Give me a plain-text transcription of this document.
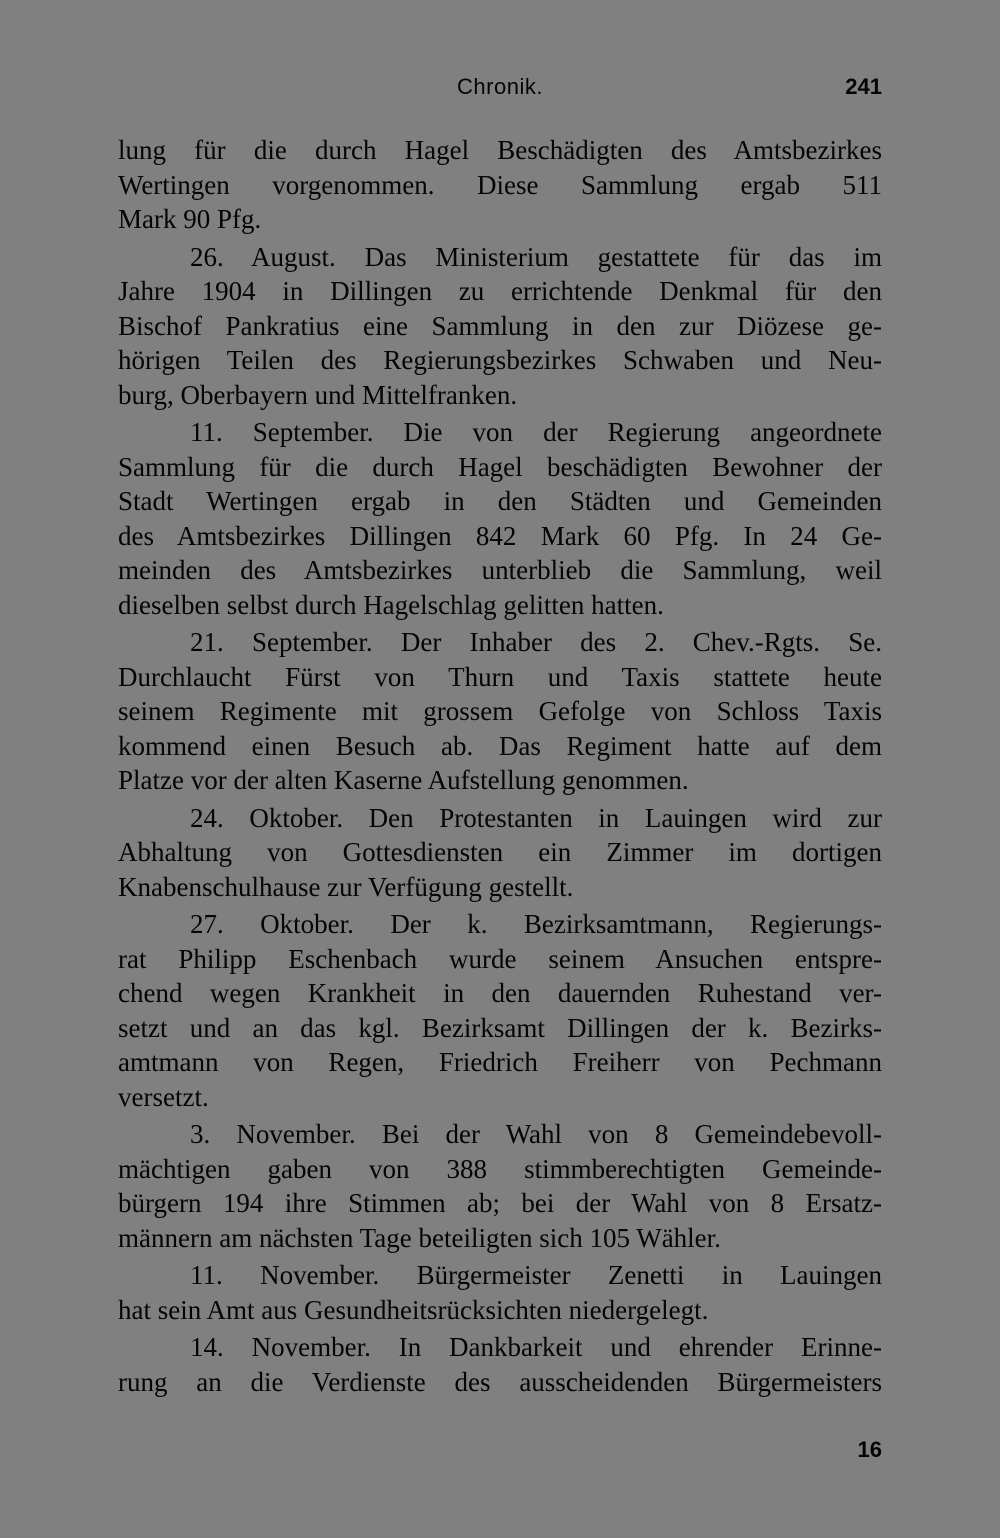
Chronik.	241
lung für die durch Hagel Beschädigten des Amtsbezirkes
Wertingen vorgenommen. Diese Sammlung ergab 511
Mark 90 Pfg.
26. August. Das Ministerium gestattete für das im
Jahre 1904 in Dillingen zu errichtende Denkmal für den
Bischof Pankratius eine Sammlung in den zur Diözese ge-
hörigen Teilen des Regierungsbezirkes Schwaben und Neu-
burg, Oberbayern und Mittelfranken.
11. September. Die von der Regierung angeordnete
Sammlung für die durch Hagel beschädigten Bewohner der
Stadt Wertingen ergab in den Städten und Gemeinden
des Amtsbezirkes Dillingen 842 Mark 60 Pfg. In 24 Ge-
meinden des Amtsbezirkes unterblieb die Sammlung, weil
dieselben selbst durch Hagelschlag gelitten hatten.
21. September. Der Inhaber des 2. Chev.-Rgts. Se.
Durchlaucht Fürst von Thurn und Taxis stattete heute
seinem Regimente mit grossem Gefolge von Schloss Taxis
kommend einen Besuch ab. Das Regiment hatte auf dem
Platze vor der alten Kaserne Aufstellung genommen.
24. Oktober. Den Protestanten in Lauingen wird zur
Abhaltung von Gottesdiensten ein Zimmer im dortigen
Knabenschulhause zur Verfügung gestellt.
27. Oktober. Der k. Bezirksamtmann, Regierungs-
rat Philipp Eschenbach wurde seinem Ansuchen entspre-
chend wegen Krankheit in den dauernden Ruhestand ver-
setzt und an das kgl. Bezirksamt Dillingen der k. Bezirks-
amtmann von Regen, Friedrich Freiherr von Pechmann
versetzt.
3. November. Bei der Wahl von 8 Gemeindebevoll-
mächtigen gaben von 388 stimmberechtigten Gemeinde-
bürgern 194 ihre Stimmen ab; bei der Wahl von 8 Ersatz-
männern am nächsten Tage beteiligten sich 105 Wähler.
11. November. Bürgermeister Zenetti in Lauingen
hat sein Amt aus Gesundheitsrücksichten niedergelegt.
14. November. In Dankbarkeit und ehrender Erinne-
rung an die Verdienste des ausscheidenden Bürgermeisters
16
